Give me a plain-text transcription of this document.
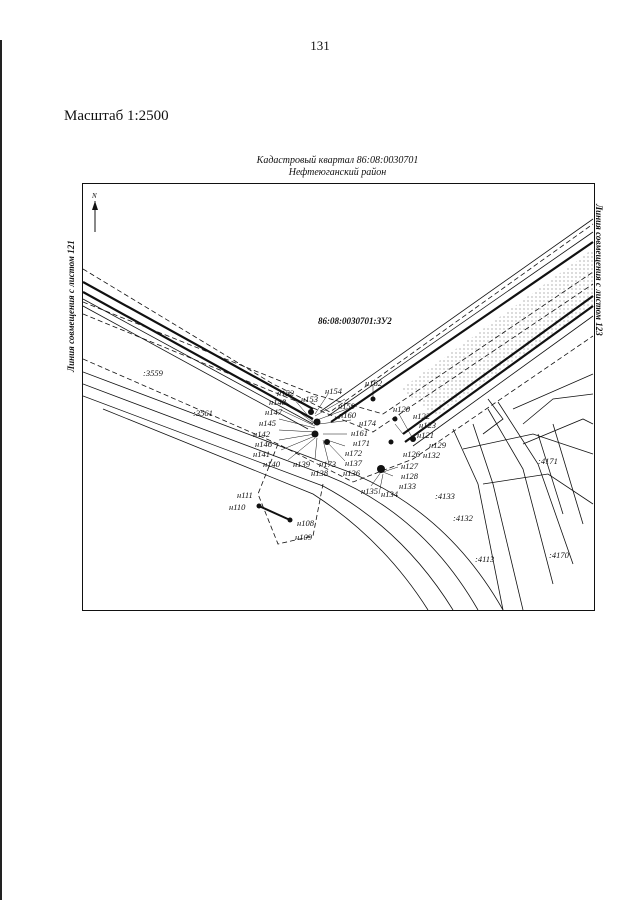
131
Масштаб 1:2500
Кадастровый квартал 86:08:0030701
Нефтеюганский район
Линия совмещения с листом 121	Линия совмещения с листом 123
N
86:08:0030701:ЗУ2
:3559
:3561
:4133
:4132
:4113
:4171
:4170
н152
н148
н147
н145
н142
н146
н141
н140 н139
н138
н153
н154
н159
н160
н161
н171
н172
н173 н137
н136
н174
н162
н120
н122
н123
н121
н129
н126 н132
н127
н128
н133
н134
н135
н111
н110
н108
н109
